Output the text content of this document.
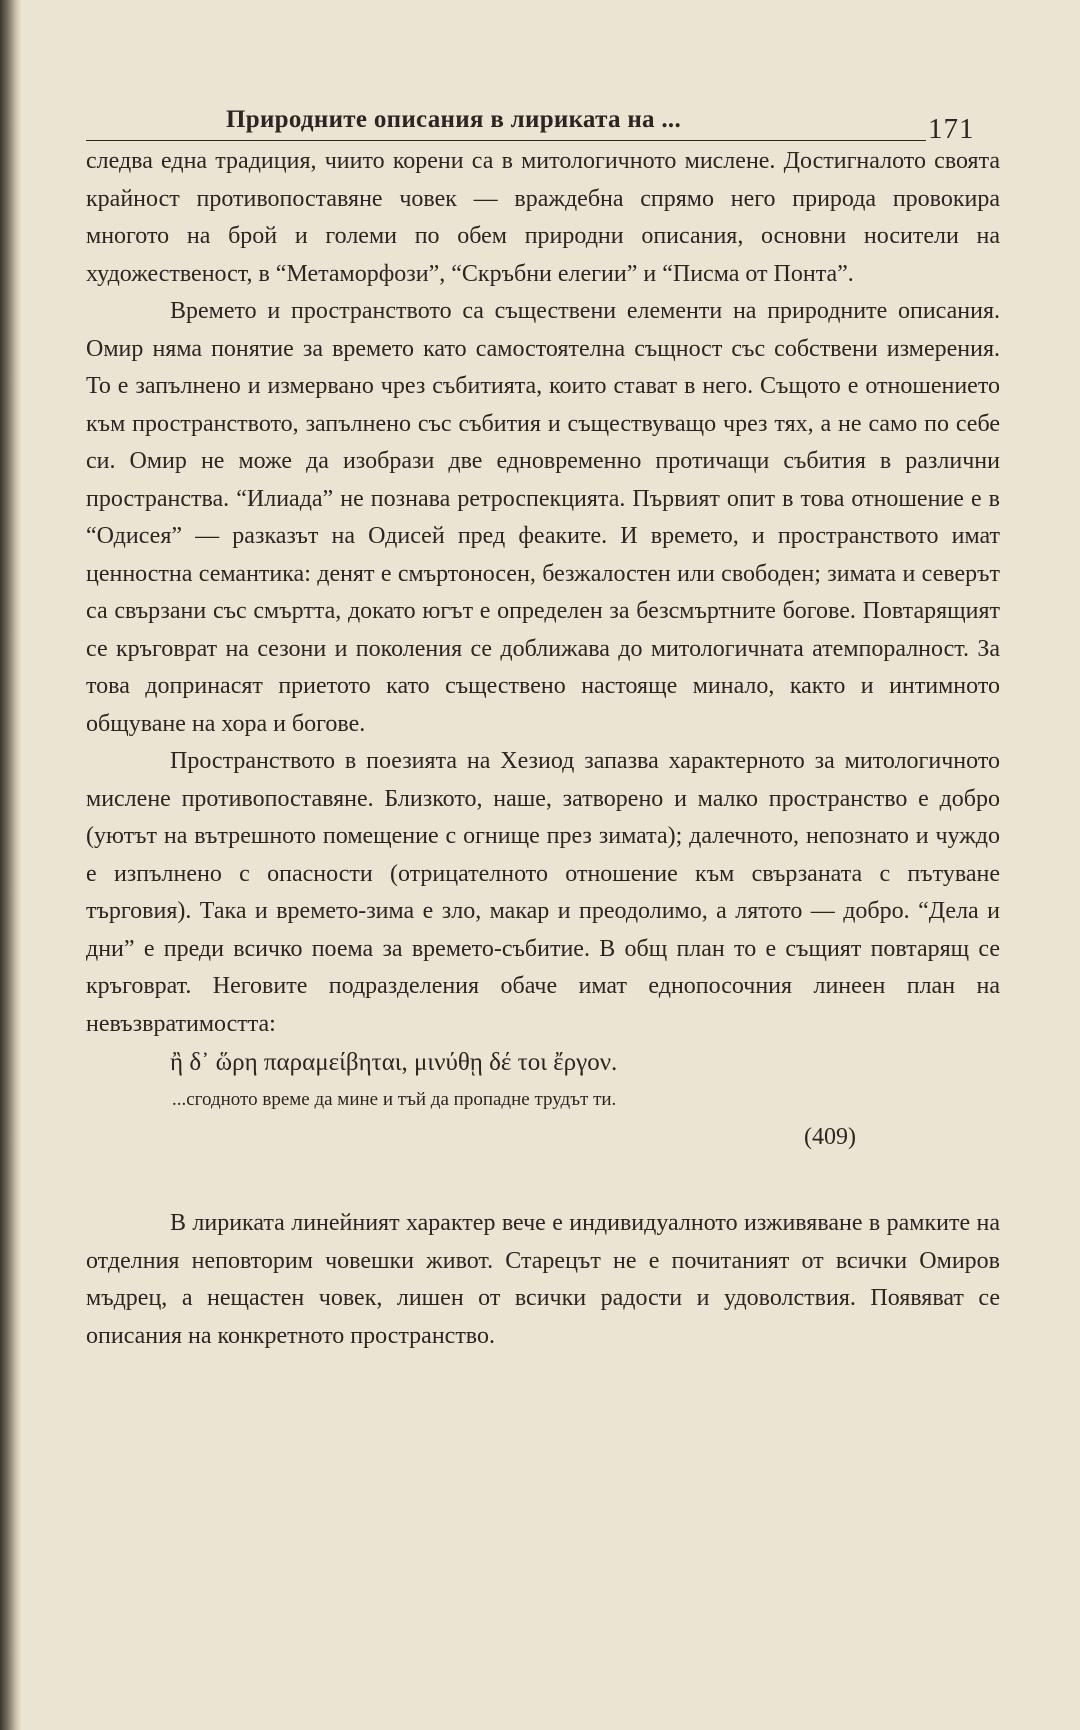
Природните описания в лириката на ...	171

следва една традиция, чиито корени са в митологичното мислене. Достигналото своята крайност противопоставяне човек — враждебна спрямо него природа провокира многото на брой и големи по обем природни описания, основни носители на художественост, в “Метаморфози”, “Скръбни елегии” и “Писма от Понта”.

Времето и пространството са съществени елементи на природните описания. Омир няма понятие за времето като самостоятелна същност със собствени измерения. То е запълнено и измервано чрез събитията, които стават в него. Същото е отношението към пространството, запълнено със събития и съществуващо чрез тях, а не само по себе си. Омир не може да изобрази две едновременно протичащи събития в различни пространства. “Илиада” не познава ретроспекцията. Първият опит в това отношение е в “Одисея” — разказът на Одисей пред феаките. И времето, и пространството имат ценностна семантика: денят е смъртоносен, безжалостен или свободен; зимата и северът са свързани със смъртта, докато югът е определен за безсмъртните богове. Повтарящият се кръговрат на сезони и поколения се доближава до митологичната атемпоралност. За това допринасят приетото като съществено настояще минало, както и интимното общуване на хора и богове.

Пространството в поезията на Хезиод запазва характерното за митологичното мислене противопоставяне. Близкото, наше, затворено и малко пространство е добро (уютът на вътрешното помещение с огнище през зимата); далечното, непознато и чуждо е изпълнено с опасности (отрицателното отношение към свързаната с пътуване търговия). Така и времето-зима е зло, макар и преодолимо, а лятото — добро. “Дела и дни” е преди всичко поема за времето-събитие. В общ план то е същият повтарящ се кръговрат. Неговите подразделения обаче имат еднопосочния линеен план на невъзвратимостта:

ἢ δ᾽ ὥρη παραμείβηται, μινύθῃ δέ τοι ἔργον.
...сгодното време да мине и тъй да пропадне трудът ти.
(409)

В лириката линейният характер вече е индивидуалното изживяване в рамките на отделния неповторим човешки живот. Старецът не е почитаният от всички Омиров мъдрец, а нещастен човек, лишен от всички радости и удоволствия. Появяват се описания на конкретното пространство.
